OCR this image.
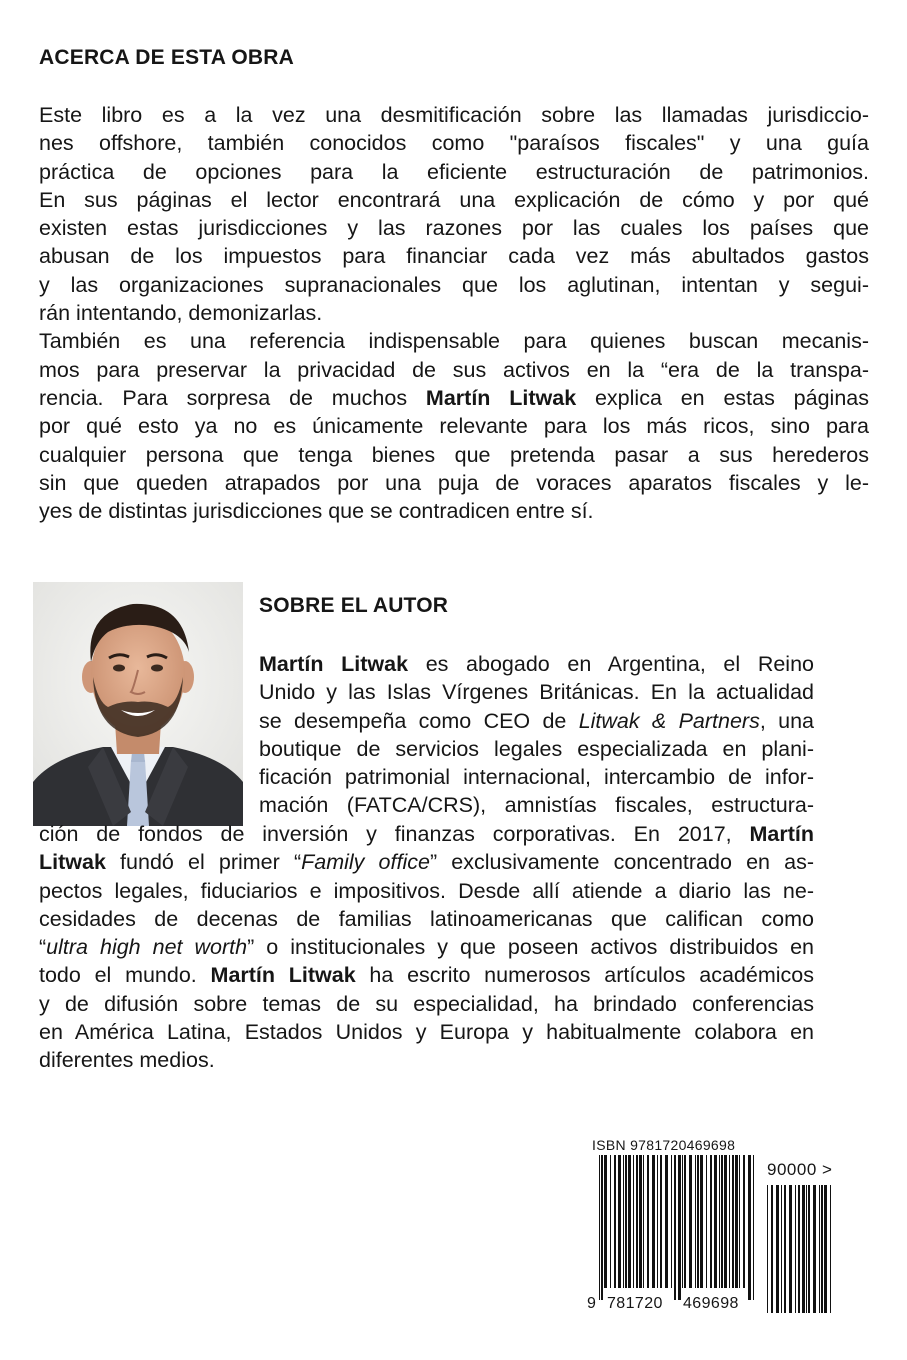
ACERCA DE ESTA OBRA
Este libro es a la vez una desmitificación sobre las llamadas jurisdiccio-
nes offshore, también conocidos como "paraísos fiscales" y una guía
práctica de opciones para la eficiente estructuración de patrimonios.
En sus páginas el lector encontrará una explicación de cómo y por qué
existen estas jurisdicciones y las razones por las cuales los países que
abusan de los impuestos para financiar cada vez más abultados gastos
y las organizaciones supranacionales que los aglutinan, intentan y segui-
rán intentando, demonizarlas.
También es una referencia indispensable para quienes buscan mecanis-
mos para preservar la privacidad de sus activos en la “era de la transpa-
rencia. Para sorpresa de muchos Martín Litwak explica en estas páginas
por qué esto ya no es únicamente relevante para los más ricos, sino para
cualquier persona que tenga bienes que pretenda pasar a sus herederos
sin que queden atrapados por una puja de voraces aparatos fiscales y le-
yes de distintas jurisdicciones que se contradicen entre sí.
SOBRE EL AUTOR
Martín Litwak es abogado en Argentina, el Reino
Unido y las Islas Vírgenes Británicas. En la actualidad
se desempeña como CEO de Litwak & Partners, una
boutique de servicios legales especializada en plani-
ficación patrimonial internacional, intercambio de infor-
mación (FATCA/CRS), amnistías fiscales, estructura-
ción de fondos de inversión y finanzas corporativas. En 2017, Martín
Litwak fundó el primer “Family office” exclusivamente concentrado en as-
pectos legales, fiduciarios e impositivos. Desde allí atiende a diario las ne-
cesidades de decenas de familias latinoamericanas que califican como
“ultra high net worth” o institucionales y que poseen activos distribuidos en
todo el mundo. Martín Litwak ha escrito numerosos artículos académicos
y de difusión sobre temas de su especialidad, ha brindado conferencias
en América Latina, Estados Unidos y Europa y habitualmente colabora en
diferentes medios.
ISBN 9781720469698
90000 >
9 781720 469698
